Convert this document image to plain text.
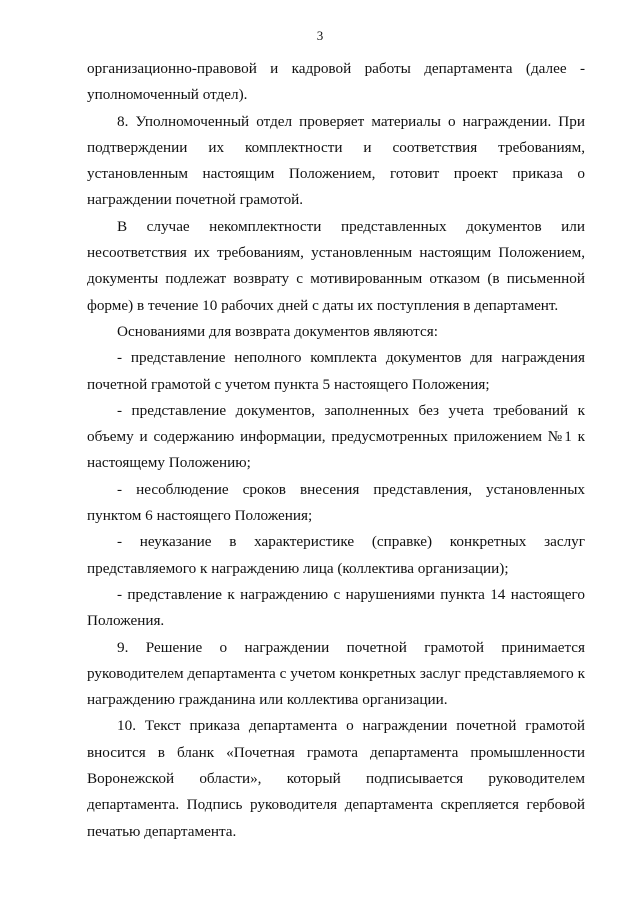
3

организационно-правовой и кадровой работы департамента (далее - уполномоченный отдел).

8. Уполномоченный отдел проверяет материалы о награждении. При подтверждении их комплектности и соответствия требованиям, установленным настоящим Положением, готовит проект приказа о награждении почетной грамотой.

В случае некомплектности представленных документов или несоответствия их требованиям, установленным настоящим Положением, документы подлежат возврату с мотивированным отказом (в письменной форме) в течение 10 рабочих дней с даты их поступления в департамент.

Основаниями для возврата документов являются:

- представление неполного комплекта документов для награждения почетной грамотой с учетом пункта 5 настоящего Положения;

- представление документов, заполненных без учета требований к объему и содержанию информации, предусмотренных приложением №1 к настоящему Положению;

- несоблюдение сроков внесения представления, установленных пунктом 6 настоящего Положения;

- неуказание в характеристике (справке) конкретных заслуг представляемого к награждению лица (коллектива организации);

- представление к награждению с нарушениями пункта 14 настоящего Положения.

9. Решение о награждении почетной грамотой принимается руководителем департамента с учетом конкретных заслуг представляемого к награждению гражданина или коллектива организации.

10. Текст приказа департамента о награждении почетной грамотой вносится в бланк «Почетная грамота департамента промышленности Воронежской области», который подписывается руководителем департамента. Подпись руководителя департамента скрепляется гербовой печатью департамента.
